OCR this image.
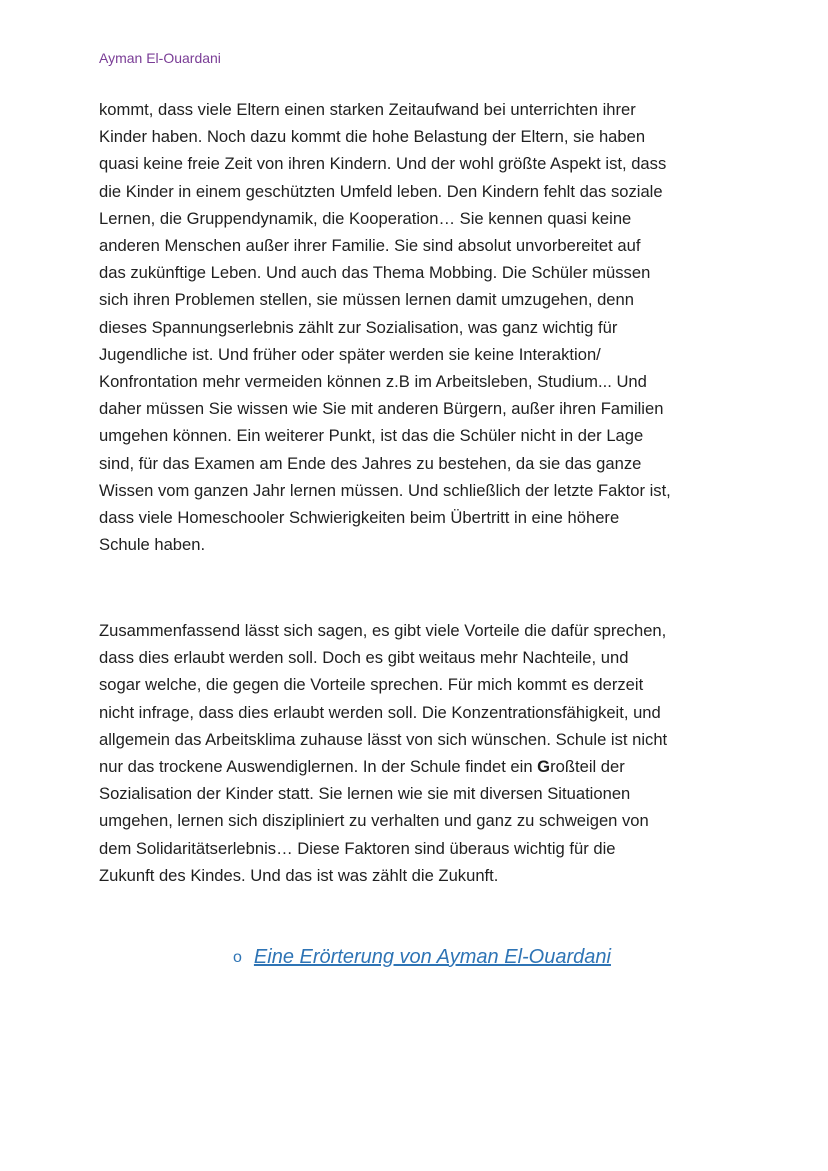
Ayman El-Ouardani
kommt, dass viele Eltern einen starken Zeitaufwand bei unterrichten ihrer
Kinder haben. Noch dazu kommt die hohe Belastung der Eltern, sie haben
quasi keine freie Zeit von ihren Kindern. Und der wohl größte Aspekt ist, dass
die Kinder in einem geschützten Umfeld leben. Den Kindern fehlt das soziale
Lernen, die Gruppendynamik, die Kooperation… Sie kennen quasi keine
anderen Menschen außer ihrer Familie. Sie sind absolut unvorbereitet auf
das zukünftige Leben. Und auch das Thema Mobbing. Die Schüler müssen
sich ihren Problemen stellen, sie müssen lernen damit umzugehen, denn
dieses Spannungserlebnis zählt zur Sozialisation, was ganz wichtig für
Jugendliche ist. Und früher oder später werden sie keine Interaktion/
Konfrontation mehr vermeiden können z.B im Arbeitsleben, Studium... Und
daher müssen Sie wissen wie Sie mit anderen Bürgern, außer ihren Familien
umgehen können. Ein weiterer Punkt, ist das die Schüler nicht in der Lage
sind, für das Examen am Ende des Jahres zu bestehen, da sie das ganze
Wissen vom ganzen Jahr lernen müssen. Und schließlich der letzte Faktor ist,
dass viele Homeschooler Schwierigkeiten beim Übertritt in eine höhere
Schule haben.
Zusammenfassend lässt sich sagen, es gibt viele Vorteile die dafür sprechen,
dass dies erlaubt werden soll. Doch es gibt weitaus mehr Nachteile, und
sogar welche, die gegen die Vorteile sprechen. Für mich kommt es derzeit
nicht infrage, dass dies erlaubt werden soll. Die Konzentrationsfähigkeit, und
allgemein das Arbeitsklima zuhause lässt von sich wünschen. Schule ist nicht
nur das trockene Auswendiglernen. In der Schule findet ein Großteil der
Sozialisation der Kinder statt. Sie lernen wie sie mit diversen Situationen
umgehen, lernen sich diszipliniert zu verhalten und ganz zu schweigen von
dem Solidaritätserlebnis… Diese Faktoren sind überaus wichtig für die
Zukunft des Kindes. Und das ist was zählt die Zukunft.
o Eine Erörterung von Ayman El-Ouardani
